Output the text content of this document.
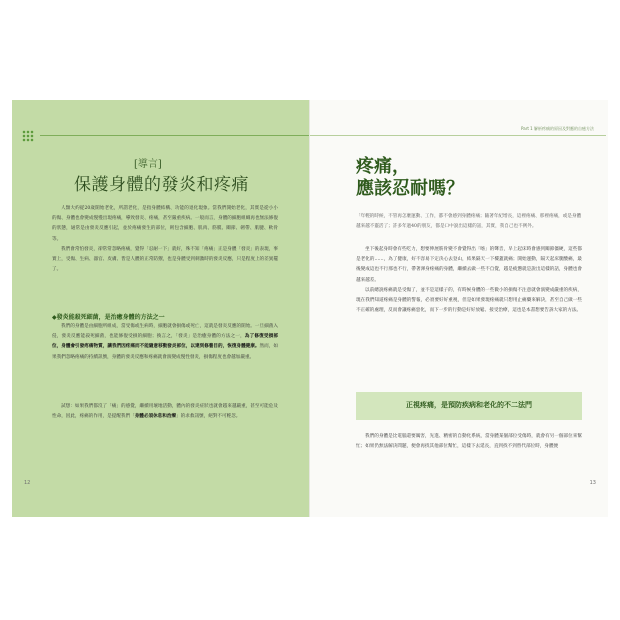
[導言]
保護身體的發炎和疼痛

人類大約從20歲開始老化，所謂老化，是指身體結構、功能的退化現象。當我們開始老化，其實是從小小的傷、身體也會變成慢慢出現疼痛，導致發炎、疼痛，甚至嚴重疾病。一般而言，身體的細胞組織再也無法修復的狀態，通常是由發炎反應引起，並於疼痛發生的部位，則包含細胞、肌肉、筋膜、關節、韌帶、肌腱、軟骨等。

我們會常怕發炎，卻常常忽略疼痛，覺得「忍耐一下」就好，殊不知「疼痛」正是身體「發炎」的表現，事實上，受傷、生病、器官、皮膚、皆是人體的正常防禦，也是身體受到刺激時的發炎反應，只是程度上的差異罷了。

◆發炎能殺死細菌，是治癒身體的方法之一

我們的身體是由細胞所組成，當受傷或生病時，細胞就會損傷或死亡，這就是發炎反應的開始。一旦細菌入侵，發炎反應能殺死細菌，也能修復受損的細胞；換言之，「發炎」是治癒身體的方法之一，為了修復受損部位，身體會引發疼痛物質，讓我們因疼痛而不能隨意移動發炎部位，以達到修養目的，恢復身體健康。然而，如果我們忽略疼痛的持續訊號，身體的發炎反應和疼痛就會演變成慢性發炎，損傷程度也會越加嚴重。

試想：如果我們都沒了「痛」的感覺，繼續用壞地活動，體內的發炎症狀也就會越來越嚴重，甚至可能危及性命，因此，疼痛的作用，是提醒我們「身體必須休息和治療」的求救訊號，絕對不可輕忽。

12
Part 1 解析疼痛的原因及對應的自癒方法
疼痛，
應該忍耐嗎？
「年輕的時候，不管再怎麼運動、工作，都不會感到身體疼痛；隨著年紀增長，這裡疼痛、那裡疼痛，或是身體越來越不靈活了；許多年過40的朋友，都是口中說出這樣的話，其實，我自己也不例外。

坐下後起身時會有些吃力，想要伸展筋骨變不會覺得出「喀」的聲音，早上起床時會感到關節僵硬，這些都是老化的……，為了健康，好不容易下定決心去登山，結果隔天一下樓蓋就痛；開始運動，隔天起床腿酸痛，最後變成這也不行那也不行，帶著渾身疼痛的身體，繼續去做一些不自覺，越是疲憊就是說出這樣的話，身體也會越來越差。

以前總說疼痛就是受傷了，並不是這樣子的，有時候身體的一些微小的損傷不注意就會演變成嚴重的疾病，現在我們知道疼痛是身體的警報，必須要好好重視，但是如果發現疼痛就只想用止痛藥來解決，甚至自己做一些不正確的處理，反而會讓疼痛惡化，而下一步的行動是好好放鬆、接受治療，這也是本書想要告訴大家的方法。

正視疼痛，是預防疾病和老化的不二法門

我們的身體是比電腦還要厲害，先進、精密的自動化系統，當身體某個部位受傷時，就會有另一個部位來幫忙；如果仍無法解決問題，便會再找其他部位幫忙，這樣下去延長，直到找不到替代部位時，身體便

13
